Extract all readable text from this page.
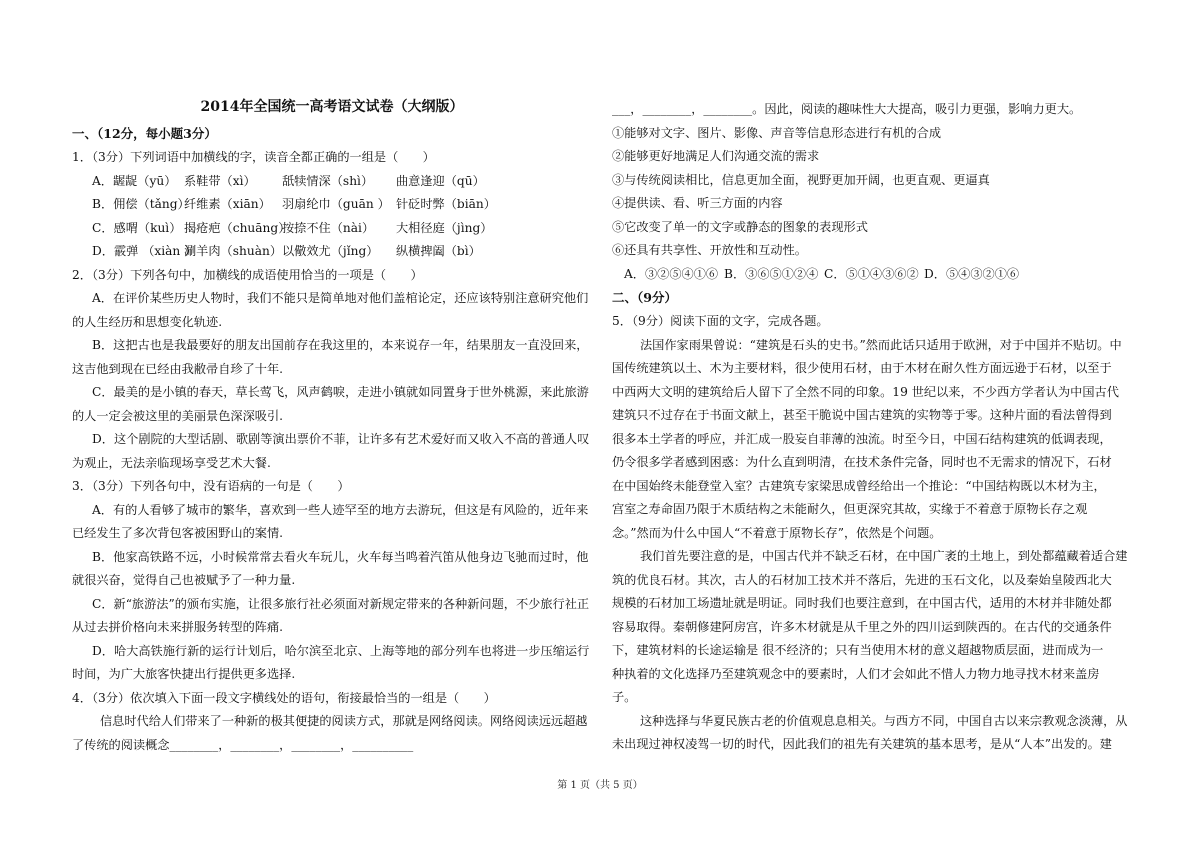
2014年全国统一高考语文试卷（大纲版）
一、（12分，每小题3分）

1．（3分）下列词语中加横线的字，读音全都正确的一组是（　　）

A．龌龊（yū） 系鞋带（xì） 舐犊情深（shì） 曲意逢迎（qū）
B．佣偿（tǎng）纤维素（xiān） 羽扇纶巾（guān ） 针砭时弊（biān）
C．感喟（kuì） 揭疮疤（chuāng）按捺不住（nài） 大相径庭（jìng）
D．霰弹 （xiàn ）涮羊肉（shuàn）以儆效尤（jǐng） 纵横捭阖（bì）

2．（3分）下列各句中，加横线的成语使用恰当的一项是（　　）

A．在评价某些历史人物时，我们不能只是简单地对他们盖棺论定，还应该特别注意研究他们

的人生经历和思想变化轨迹.

B．这把古也是我最要好的朋友出国前存在我这里的，本来说存一年，结果朋友一直没回来，

这吉他到现在已经由我敝帚自珍了十年.

C．最美的是小镇的春天，草长莺飞，风声鹤唳，走进小镇就如同置身于世外桃源，来此旅游

的人一定会被这里的美丽景色深深吸引.

D．这个剧院的大型话剧、歌剧等演出票价不菲，让许多有艺术爱好而又收入不高的普通人叹

为观止，无法亲临现场享受艺术大餐.

3．（3分）下列各句中，没有语病的一句是（　　）

A．有的人看够了城市的繁华，喜欢到一些人迹罕至的地方去游玩，但这是有风险的，近年来

已经发生了多次背包客被困野山的案情.

B．他家高铁路不远，小时候常常去看火车玩儿，火车每当鸣着汽笛从他身边飞驰而过时，他

就很兴奋，觉得自己也被赋予了一种力量.

C．新“旅游法”的颁布实施，让很多旅行社必须面对新规定带来的各种新问题，不少旅行社正

从过去拼价格向未来拼服务转型的阵痛.

D．哈大高铁施行新的运行计划后，哈尔滨至北京、上海等地的部分列车也将进一步压缩运行

时间，为广大旅客快捷出行提供更多选择.

4．（3分）依次填入下面一段文字横线处的语句，衔接最恰当的一组是（　　）

信息时代给人们带来了一种新的极其便捷的阅读方式，那就是网络阅读。网络阅读远远超越

了传统的阅读概念________，________，________，__________

___，________，________。因此，阅读的趣味性大大提高，吸引力更强，影响力更大。

①能够对文字、图片、影像、声音等信息形态进行有机的合成

②能够更好地满足人们沟通交流的需求

③与传统阅读相比，信息更加全面，视野更加开阔，也更直观、更逼真

④提供读、看、听三方面的内容

⑤它改变了单一的文字或静态的图象的表现形式

⑥还具有共享性、开放性和互动性。

A．③②⑤④①⑥ B．③⑥⑤①②④ C．⑤①④③⑥② D．⑤④③②①⑥
二、（9分）

5．（9分）阅读下面的文字，完成各题。

法国作家雨果曾说：“建筑是石头的史书。”然而此话只适用于欧洲，对于中国并不贴切。中

国传统建筑以土、木为主要材料，很少使用石材，由于木材在耐久性方面远逊于石材，以至于

中西两大文明的建筑给后人留下了全然不同的印象。19 世纪以来，不少西方学者认为中国古代

建筑只不过存在于书面文献上，甚至干脆说中国古建筑的实物等于零。这种片面的看法曾得到

很多本土学者的呼应，并汇成一股妄自菲薄的浊流。时至今日，中国石结构建筑的低调表现，

仍令很多学者感到困惑：为什么直到明清，在技术条件完备，同时也不无需求的情况下，石材

在中国始终未能登堂入室？古建筑专家梁思成曾经给出一个推论：“中国结构既以木材为主，

宫室之寿命固乃限于木质结构之未能耐久，但更深究其故，实缘于不着意于原物长存之观

念。”然而为什么中国人“不着意于原物长存”，依然是个问题。

我们首先要注意的是，中国古代并不缺乏石材，在中国广袤的土地上，到处都蕴藏着适合建

筑的优良石材。其次，古人的石材加工技术并不落后，先进的玉石文化，以及秦始皇陵西北大

规模的石材加工场遗址就是明证。同时我们也要注意到，在中国古代，适用的木材并非随处都

容易取得。秦朝修建阿房宫，许多木材就是从千里之外的四川运到陕西的。在古代的交通条件

下，建筑材料的长途运输是 很不经济的；只有当使用木材的意义超越物质层面，进而成为一

种执着的文化选择乃至建筑观念中的要素时，人们才会如此不惜人力物力地寻找木材来盖房

子。

这种选择与华夏民族古老的价值观息息相关。与西方不同，中国自古以来宗教观念淡薄，从

未出现过神权凌驾一切的时代，因此我们的祖先有关建筑的基本思考，是从“人本”出发的。建

第 1 页（共 5 页）
